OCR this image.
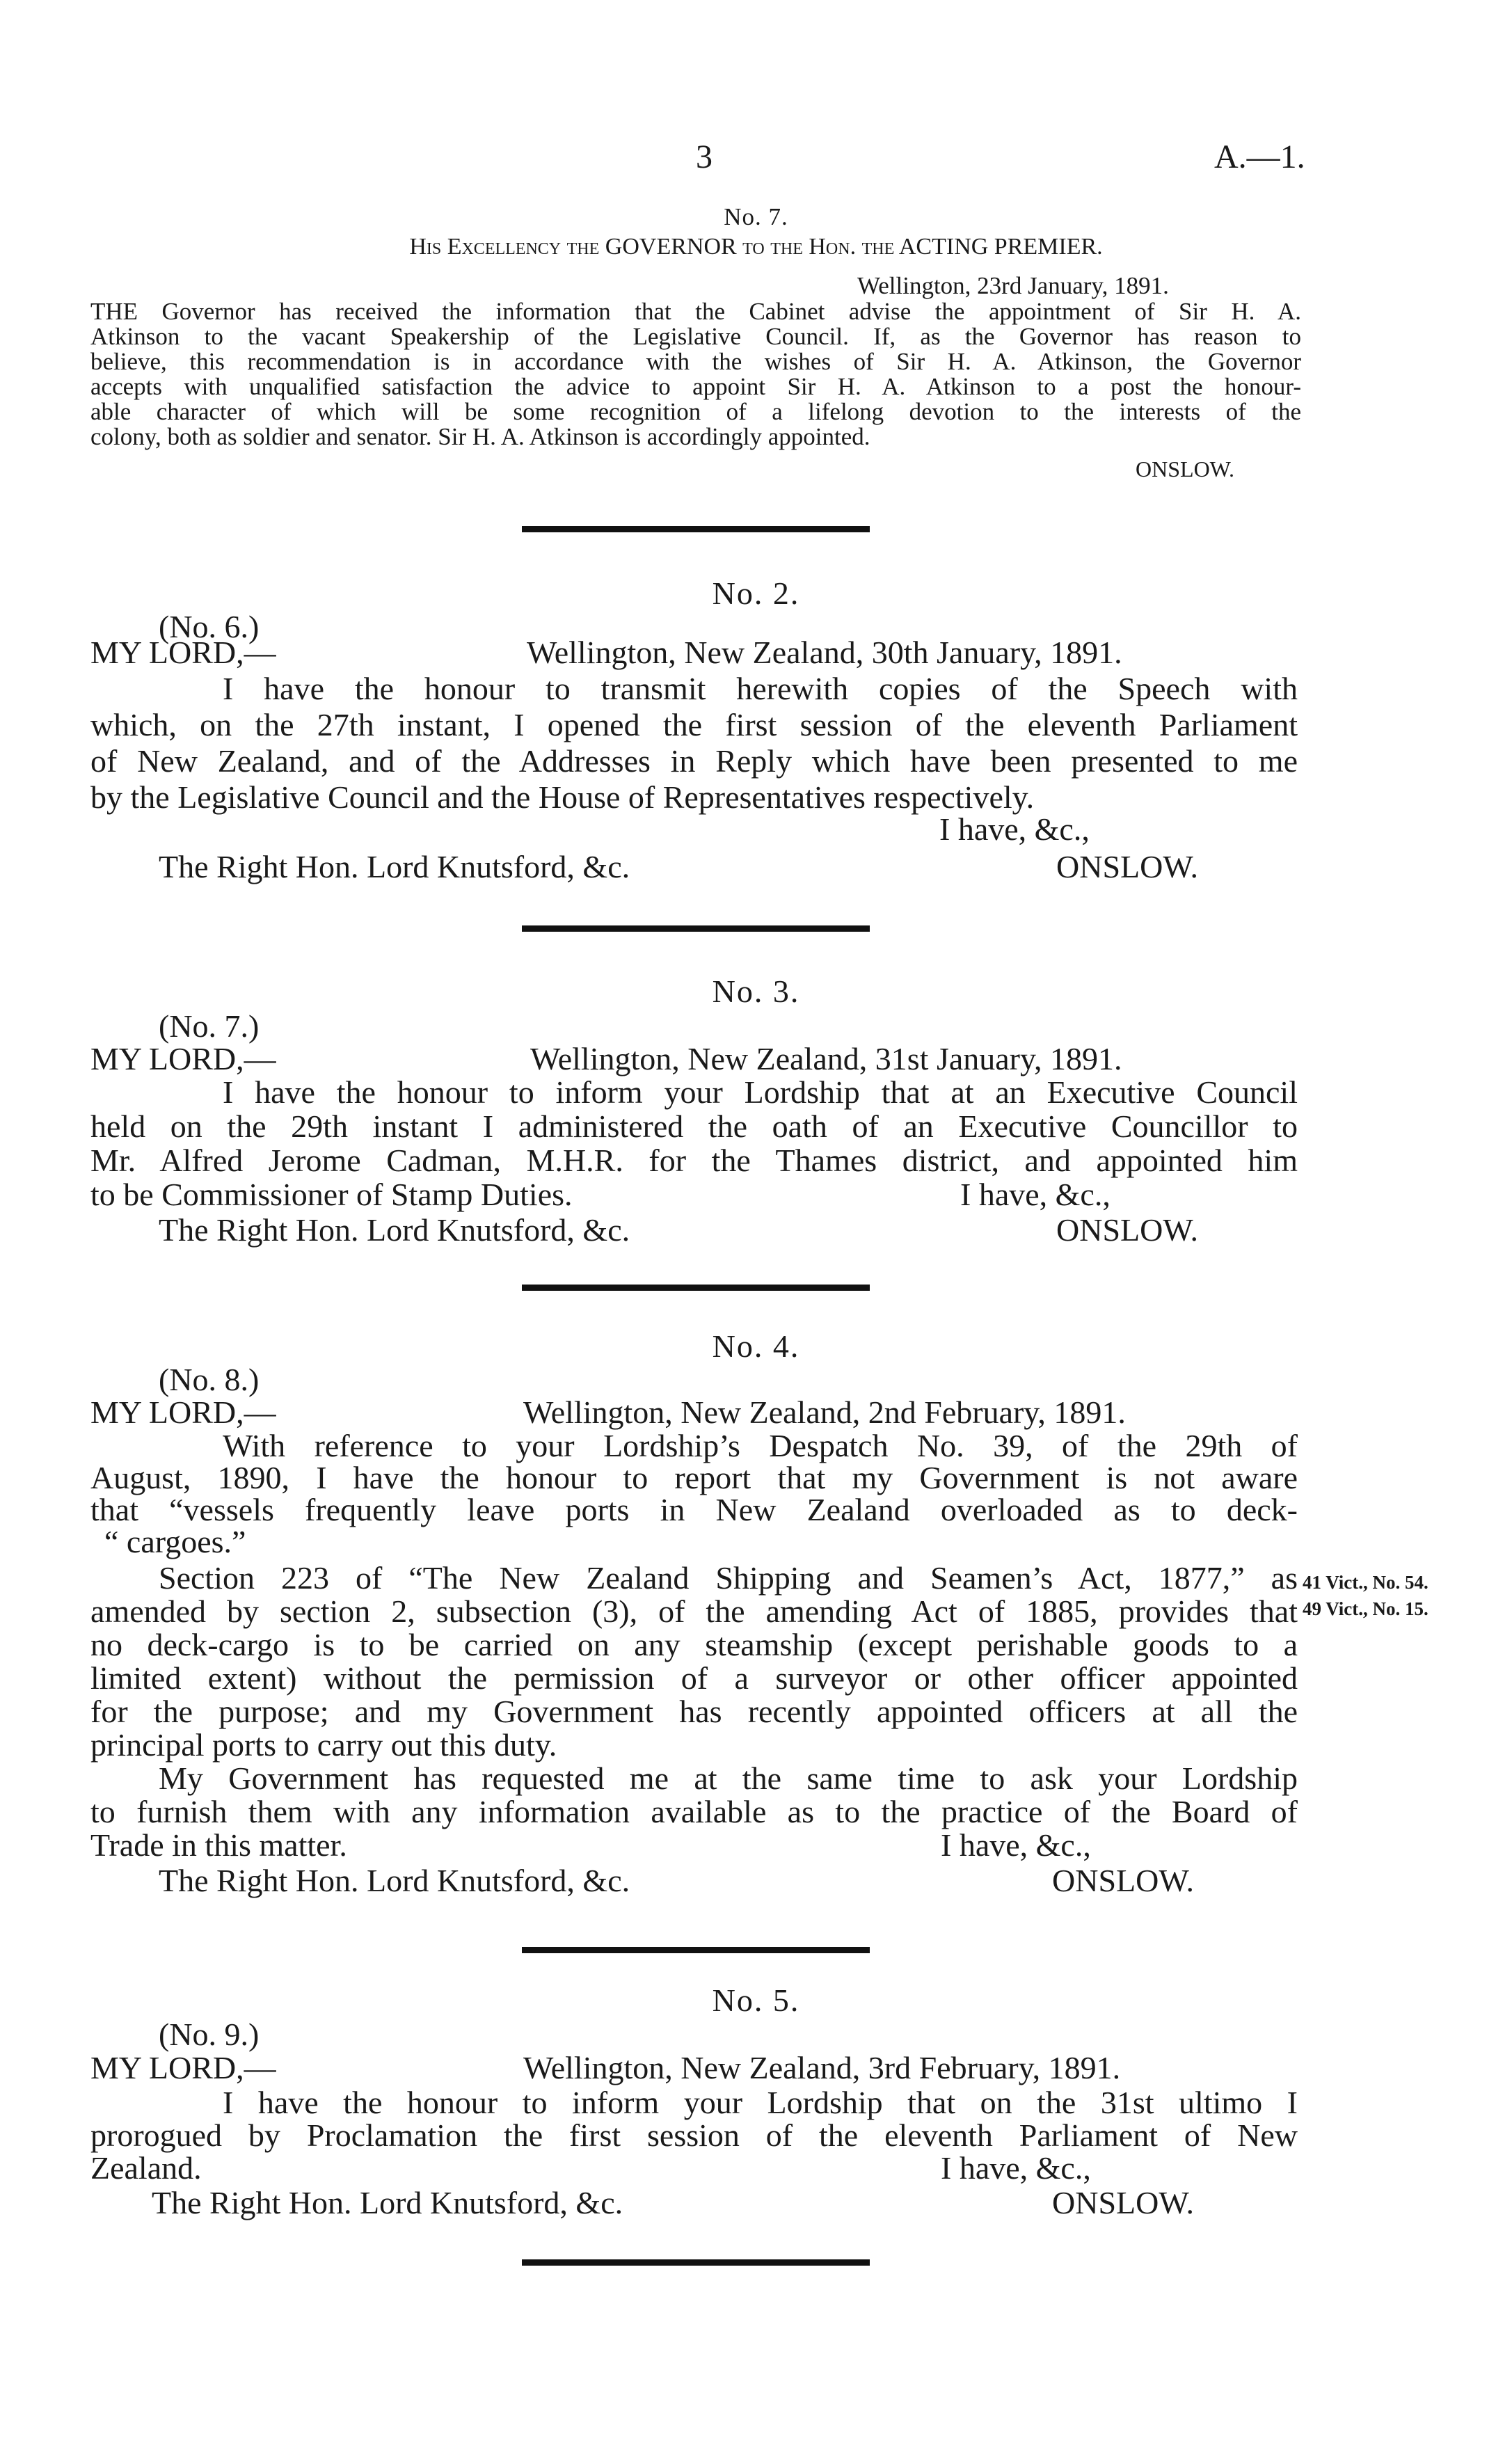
3	A.—1.
No. 7.
His Excellency the GOVERNOR to the Hon. the ACTING PREMIER.
Wellington, 23rd January, 1891.
THE Governor has received the information that the Cabinet advise the appointment of Sir H. A.
Atkinson to the vacant Speakership of the Legislative Council. If, as the Governor has reason to
believe, this recommendation is in accordance with the wishes of Sir H. A. Atkinson, the Governor
accepts with unqualified satisfaction the advice to appoint Sir H. A. Atkinson to a post the honour-
able character of which will be some recognition of a lifelong devotion to the interests of the
colony, both as soldier and senator. Sir H. A. Atkinson is accordingly appointed.
ONSLOW.
No. 2.
(No. 6.)
MY LORD,—	Wellington, New Zealand, 30th January, 1891.
I have the honour to transmit herewith copies of the Speech with
which, on the 27th instant, I opened the first session of the eleventh Parliament
of New Zealand, and of the Addresses in Reply which have been presented to me
by the Legislative Council and the House of Representatives respectively.
I have, &c.,
The Right Hon. Lord Knutsford, &c.	ONSLOW.
No. 3.
(No. 7.)
MY LORD,—	Wellington, New Zealand, 31st January, 1891.
I have the honour to inform your Lordship that at an Executive Council
held on the 29th instant I administered the oath of an Executive Councillor to
Mr. Alfred Jerome Cadman, M.H.R. for the Thames district, and appointed him
to be Commissioner of Stamp Duties.	I have, &c.,
The Right Hon. Lord Knutsford, &c.	ONSLOW.
No. 4.
(No. 8.)
MY LORD,—	Wellington, New Zealand, 2nd February, 1891.
With reference to your Lordship’s Despatch No. 39, of the 29th of
August, 1890, I have the honour to report that my Government is not aware
that “vessels frequently leave ports in New Zealand overloaded as to deck-
“ cargoes.”
Section 223 of “The New Zealand Shipping and Seamen’s Act, 1877,” as
amended by section 2, subsection (3), of the amending Act of 1885, provides that
no deck-cargo is to be carried on any steamship (except perishable goods to a
limited extent) without the permission of a surveyor or other officer appointed
for the purpose; and my Government has recently appointed officers at all the
principal ports to carry out this duty.
My Government has requested me at the same time to ask your Lordship
to furnish them with any information available as to the practice of the Board of
Trade in this matter.	I have, &c.,
The Right Hon. Lord Knutsford, &c.	ONSLOW.
41 Vict., No. 54.
49 Vict., No. 15.
No. 5.
(No. 9.)
MY LORD,—	Wellington, New Zealand, 3rd February, 1891.
I have the honour to inform your Lordship that on the 31st ultimo I
prorogued by Proclamation the first session of the eleventh Parliament of New
Zealand.	I have, &c.,
The Right Hon. Lord Knutsford, &c.	ONSLOW.
